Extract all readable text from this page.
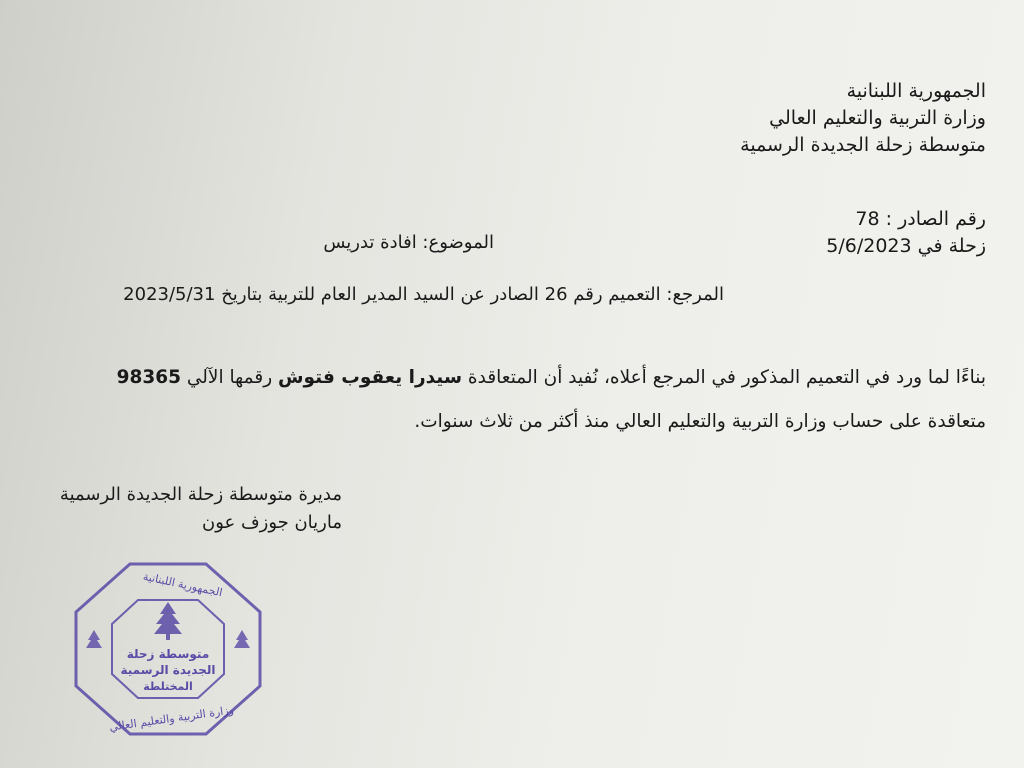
الجمهورية اللبنانية
وزارة التربية والتعليم العالي
متوسطة زحلة الجديدة الرسمية
رقم الصادر : 78
زحلة في 5/6/2023
الموضوع: افادة تدريس
المرجع: التعميم رقم 26 الصادر عن السيد المدير العام للتربية بتاريخ 2023/5/31
بناءًا لما ورد في التعميم المذكور في المرجع أعلاه، نُفيد أن المتعاقدة سيدرا يعقوب فتوش رقمها الآلي 98365
متعاقدة على حساب وزارة التربية والتعليم العالي منذ أكثر من ثلاث سنوات.
مديرة متوسطة زحلة الجديدة الرسمية
ماريان جوزف عون
متوسطة زحلة
الجديدة الرسمية
المختلطة
الجمهورية اللبنانية
وزارة التربية والتعليم العالي
